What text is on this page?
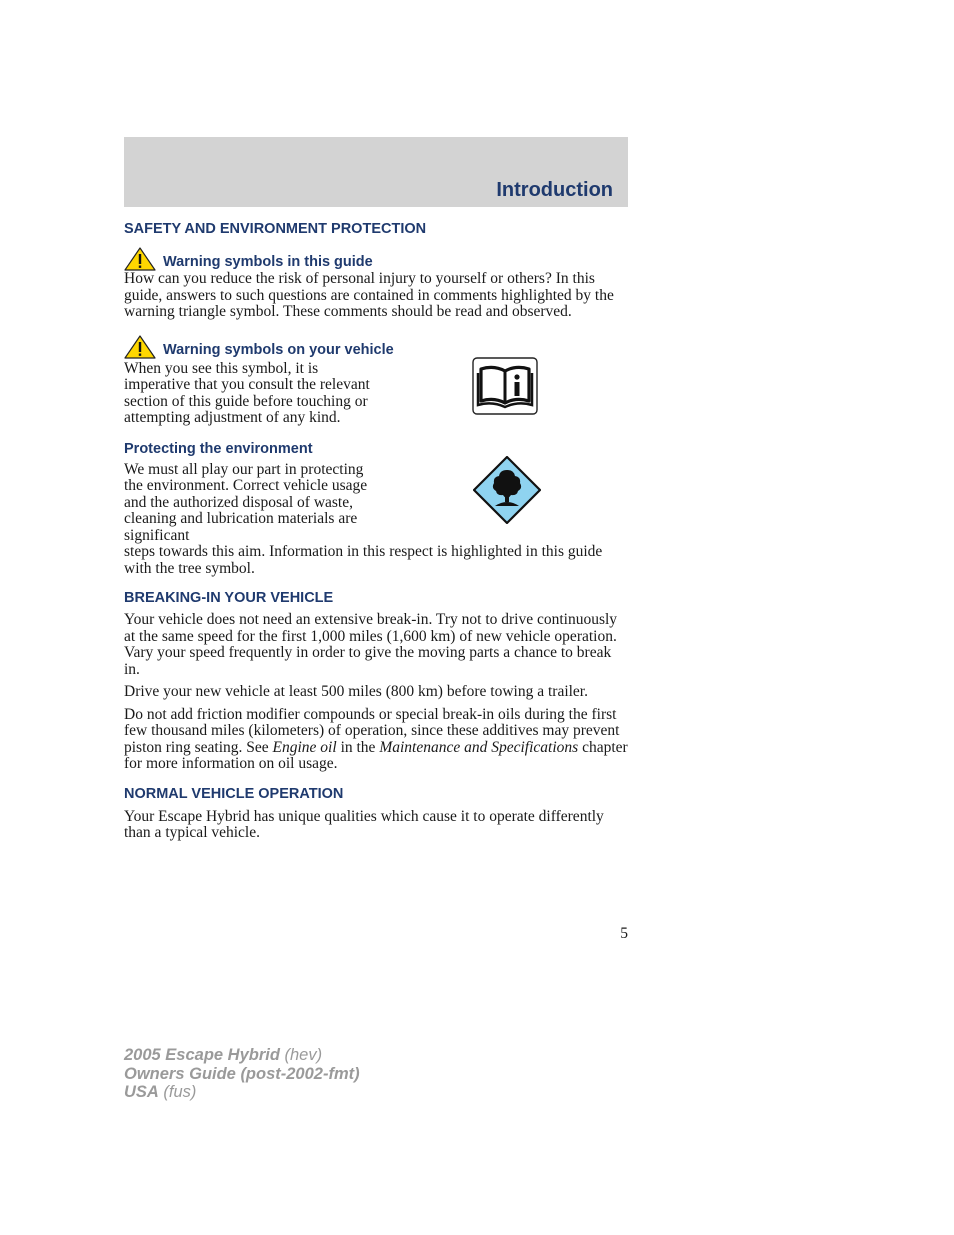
Introduction
SAFETY AND ENVIRONMENT PROTECTION
Warning symbols in this guide

How can you reduce the risk of personal injury to yourself or others? In this guide, answers to such questions are contained in comments highlighted by the warning triangle symbol. These comments should be read and observed.

Warning symbols on your vehicle

When you see this symbol, it is imperative that you consult the relevant section of this guide before touching or attempting adjustment of any kind.

Protecting the environment

We must all play our part in protecting the environment. Correct vehicle usage and the authorized disposal of waste, cleaning and lubrication materials are significant

steps towards this aim. Information in this respect is highlighted in this guide with the tree symbol.

BREAKING-IN YOUR VEHICLE

Your vehicle does not need an extensive break-in. Try not to drive continuously at the same speed for the first 1,000 miles (1,600 km) of new vehicle operation. Vary your speed frequently in order to give the moving parts a chance to break in.

Drive your new vehicle at least 500 miles (800 km) before towing a trailer.

Do not add friction modifier compounds or special break-in oils during the first few thousand miles (kilometers) of operation, since these additives may prevent piston ring seating. See Engine oil in the Maintenance and Specifications chapter for more information on oil usage.

NORMAL VEHICLE OPERATION

Your Escape Hybrid has unique qualities which cause it to operate differently than a typical vehicle.

5
2005 Escape Hybrid (hev)
Owners Guide (post-2002-fmt)
USA (fus)
